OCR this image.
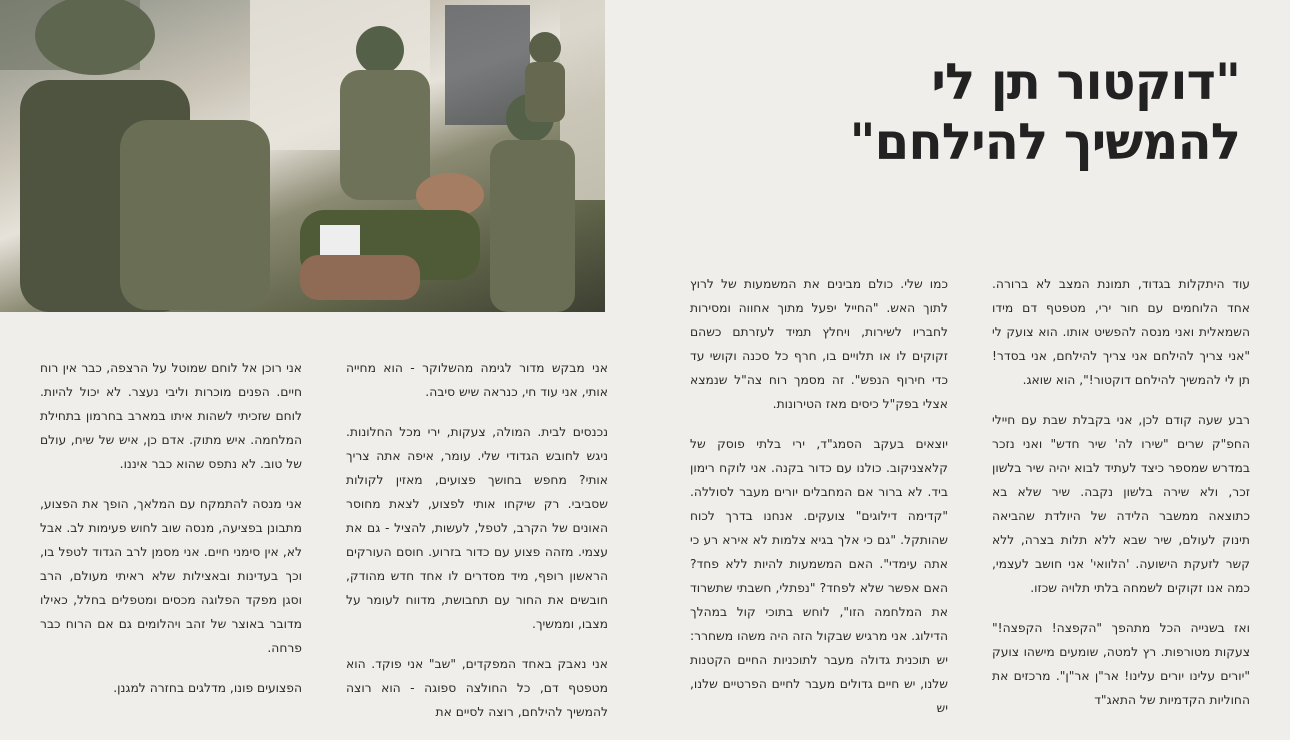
"דוקטור תן לי
להמשיך להילחם"

עוד היתקלות בגדוד, תמונת המצב לא ברורה. אחד הלוחמים עם חור ירי, מטפטף דם מידו השמאלית ואני מנסה להפשיט אותו. הוא צועק לי "אני צריך להילחם אני צריך להילחם, אני בסדר! תן לי להמשיך להילחם דוקטור!", הוא שואג.

רבע שעה קודם לכן, אני בקבלת שבת עם חיילי החפ"ק שרים "שירו לה' שיר חדש" ואני נזכר במדרש שמספר כיצד לעתיד לבוא יהיה שיר בלשון זכר, ולא שירה בלשון נקבה. שיר שלא בא כתוצאה ממשבר הלידה של היולדת שהביאה תינוק לעולם, שיר שבא ללא תלות בצרה, ללא קשר לזעקת הישועה. 'הלוואי' אני חושב לעצמי, כמה אנו זקוקים לשמחה בלתי תלויה שכזו.

ואז בשנייה הכל מתהפך "הקפצה! הקפצה!" צעקות מטורפות. רץ למטה, שומעים מישהו צועק "יורים עלינו יורים עלינו! אר"ן אר"ן". מרכזים את החוליות הקדמיות של התאג"ד

כמו שלי. כולם מבינים את המשמעות של לרוץ לתוך האש. "החייל יפעל מתוך אחווה ומסירות לחבריו לשירות, ויחלץ תמיד לעזרתם כשהם זקוקים לו או תלויים בו, חרף כל סכנה וקושי עד כדי חירוף הנפש". זה מסמך רוח צה"ל שנמצא אצלי בפק"ל כיסים מאז הטירונות.

יוצאים בעקב הסמג"ד, ירי בלתי פוסק של קלאצניקוב. כולנו עם כדור בקנה. אני לוקח רימון ביד. לא ברור אם המחבלים יורים מעבר לסוללה. "קדימה דילוגים" צועקים. אנחנו בדרך לכוח שהותקל. "גם כי אלך בגיא צלמות לא אירא רע כי אתה עימדי". האם המשמעות להיות ללא פחד? האם אפשר שלא לפחד? "נפתלי, חשבתי שתשרוד את המלחמה הזו", לוחש בתוכי קול במהלך הדילוג. אני מרגיש שבקול הזה היה משהו משחרר: יש תוכנית גדולה מעבר לתוכניות החיים הקטנות שלנו, יש חיים גדולים מעבר לחיים הפרטיים שלנו, יש

אני מבקש מדור לגימה מהשלוקר - הוא מחייה אותי, אני עוד חי, כנראה שיש סיבה.

נכנסים לבית. המולה, צעקות, ירי מכל החלונות. ניגש לחובש הגדודי שלי. עומר, איפה אתה צריך אותי? מחפש בחושך פצועים, מאזין לקולות שסביבי. רק שיקחו אותי לפצוע, לצאת מחוסר האונים של הקרב, לטפל, לעשות, להציל - גם את עצמי. מזהה פצוע עם כדור בזרוע. חוסם העורקים הראשון רופף, מיד מסדרים לו אחד חדש מהודק, חובשים את החור עם תחבושת, מדווח לעומר על מצבו, וממשיך.

אני נאבק באחד המפקדים, "שב" אני פוקד. הוא מטפטף דם, כל החולצה ספוגה - הוא רוצה להמשיך להילחם, רוצה לסיים את

אני רוכן אל לוחם שמוטל על הרצפה, כבר אין רוח חיים. הפנים מוכרות וליבי נעצר. לא יכול להיות. לוחם שזכיתי לשהות איתו במארב בחרמון בתחילת המלחמה. איש מתוק. אדם כן, איש של שיח, עולם של טוב. לא נתפס שהוא כבר איננו.

אני מנסה להתמקח עם המלאך, הופך את הפצוע, מתבונן בפציעה, מנסה שוב לחוש פעימות לב. אבל לא, אין סימני חיים. אני מסמן לרב הגדוד לטפל בו, וכך בעדינות ובאצילות שלא ראיתי מעולם, הרב וסגן מפקד הפלוגה מכסים ומטפלים בחלל, כאילו מדובר באוצר של זהב ויהלומים גם אם הרוח כבר פרחה.

הפצועים פונו, מדלגים בחזרה למגנן.
